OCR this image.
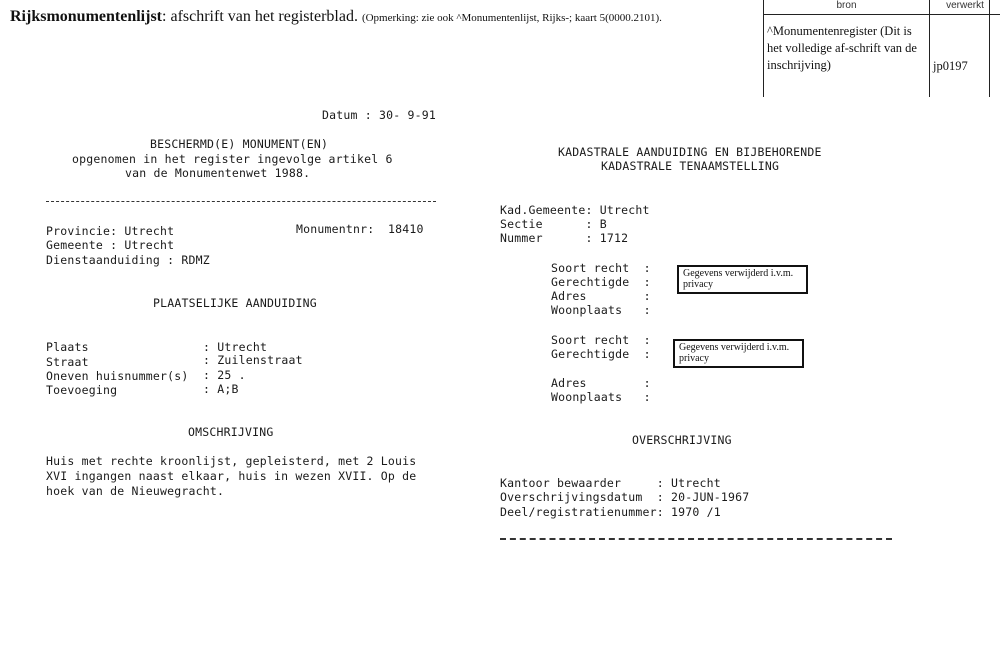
Rijksmonumentenlijst: afschrift van het registerblad. (Opmerking: zie ook ^Monumentenlijst, Rijks-; kaart 5(0000.2101).
bron	verwerkt
^Monumentenregister (Dit is het volledige af-schrift van de inschrijving)	jp0197
Datum : 30- 9-91
BESCHERMD(E) MONUMENT(EN)
opgenomen in het register ingevolge artikel 6
van de Monumentenwet 1988.
Provincie: Utrecht	Monumentnr: 18410
Gemeente : Utrecht
Dienstaanduiding : RDMZ
PLAATSELIJKE AANDUIDING
Plaats	: Utrecht
Straat	: Zuilenstraat
Oneven huisnummer(s) : 25 .
Toevoeging	: A;B
OMSCHRIJVING
Huis met rechte kroonlijst, gepleisterd, met 2 Louis XVI ingangen naast elkaar, huis in wezen XVII. Op de hoek van de Nieuwegracht.
KADASTRALE AANDUIDING EN BIJBEHORENDE
KADASTRALE TENAAMSTELLING
Kad.Gemeente: Utrecht
Sectie      : B
Nummer      : 1712
Soort recht  :
Gerechtigde  :
Adres        :
Woonplaats   :
Gegevens verwijderd i.v.m. privacy
Soort recht  :
Gerechtigde  :	Gegevens verwijderd i.v.m. privacy
Adres        :
Woonplaats   :
OVERSCHRIJVING
Kantoor bewaarder     : Utrecht
Overschrijvingsdatum  : 20-JUN-1967
Deel/registratienummer: 1970 /1
